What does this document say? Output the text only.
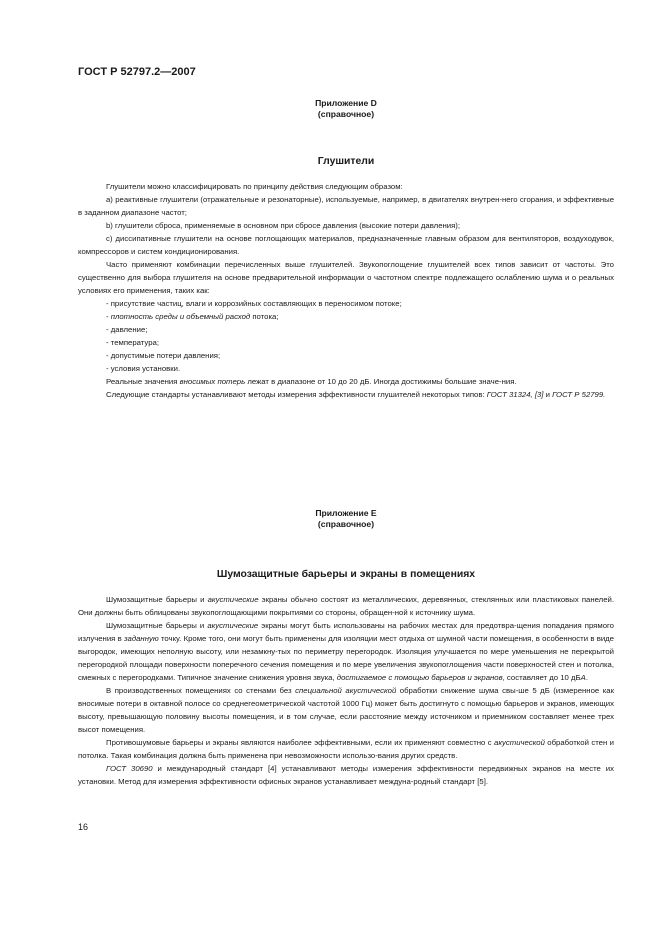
ГОСТ Р 52797.2—2007
Приложение D
(справочное)
Глушители

Глушители можно классифицировать по принципу действия следующим образом:

a) реактивные глушители (отражательные и резонаторные), используемые, например, в двигателях внутрен-него сгорания, и эффективные в заданном диапазоне частот;

b) глушители сброса, применяемые в основном при сбросе давления (высокие потери давления);

c) диссипативные глушители на основе поглощающих материалов, предназначенные главным образом для вентиляторов, воздуходувок, компрессоров и систем кондиционирования.

Часто применяют комбинации перечисленных выше глушителей. Звукопоглощение глушителей всех типов зависит от частоты. Это существенно для выбора глушителя на основе предварительной информации о частотном спектре подлежащего ослаблению шума и о реальных условиях его применения, таких как:

- присутствие частиц, влаги и коррозийных составляющих в переносимом потоке;

- плотность среды и объемный расход потока;

- давление;

- температура;

- допустимые потери давления;

- условия установки.

Реальные значения вносимых потерь лежат в диапазоне от 10 до 20 дБ. Иногда достижимы большие значе-ния.

Следующие стандарты устанавливают методы измерения эффективности глушителей некоторых типов: ГОСТ 31324, [3] и ГОСТ Р 52799.

Приложение Е
(справочное)
Шумозащитные барьеры и экраны в помещениях

Шумозащитные барьеры и акустические экраны обычно состоят из металлических, деревянных, стеклянных или пластиковых панелей. Они должны быть облицованы звукопоглощающими покрытиями со стороны, обращен-ной к источнику шума.

Шумозащитные барьеры и акустические экраны могут быть использованы на рабочих местах для предотвра-щения попадания прямого излучения в заданную точку. Кроме того, они могут быть применены для изоляции мест отдыха от шумной части помещения, в особенности в виде выгородок, имеющих неполную высоту, или незамкну-тых по периметру перегородок. Изоляция улучшается по мере уменьшения не перекрытой перегородкой площади поверхности поперечного сечения помещения и по мере увеличения звукопоглощения части поверхностей стен и потолка, смежных с перегородками. Типичное значение снижения уровня звука, достигаемое с помощью барьеров и экранов, составляет до 10 дБА.

В производственных помещениях со стенами без специальной акустической обработки снижение шума свы-ше 5 дБ (измеренное как вносимые потери в октавной полосе со среднегеометрической частотой 1000 Гц) может быть достигнуто с помощью барьеров и экранов, имеющих высоту, превышающую половину высоты помещения, и в том случае, если расстояние между источником и приемником составляет менее трех высот помещения.

Противошумовые барьеры и экраны являются наиболее эффективными, если их применяют совместно с акустической обработкой стен и потолка. Такая комбинация должна быть применена при невозможности использо-вания других средств.

ГОСТ 30690 и международный стандарт [4] устанавливают методы измерения эффективности передвижных экранов на месте их установки. Метод для измерения эффективности офисных экранов устанавливает междуна-родный стандарт [5].

16
